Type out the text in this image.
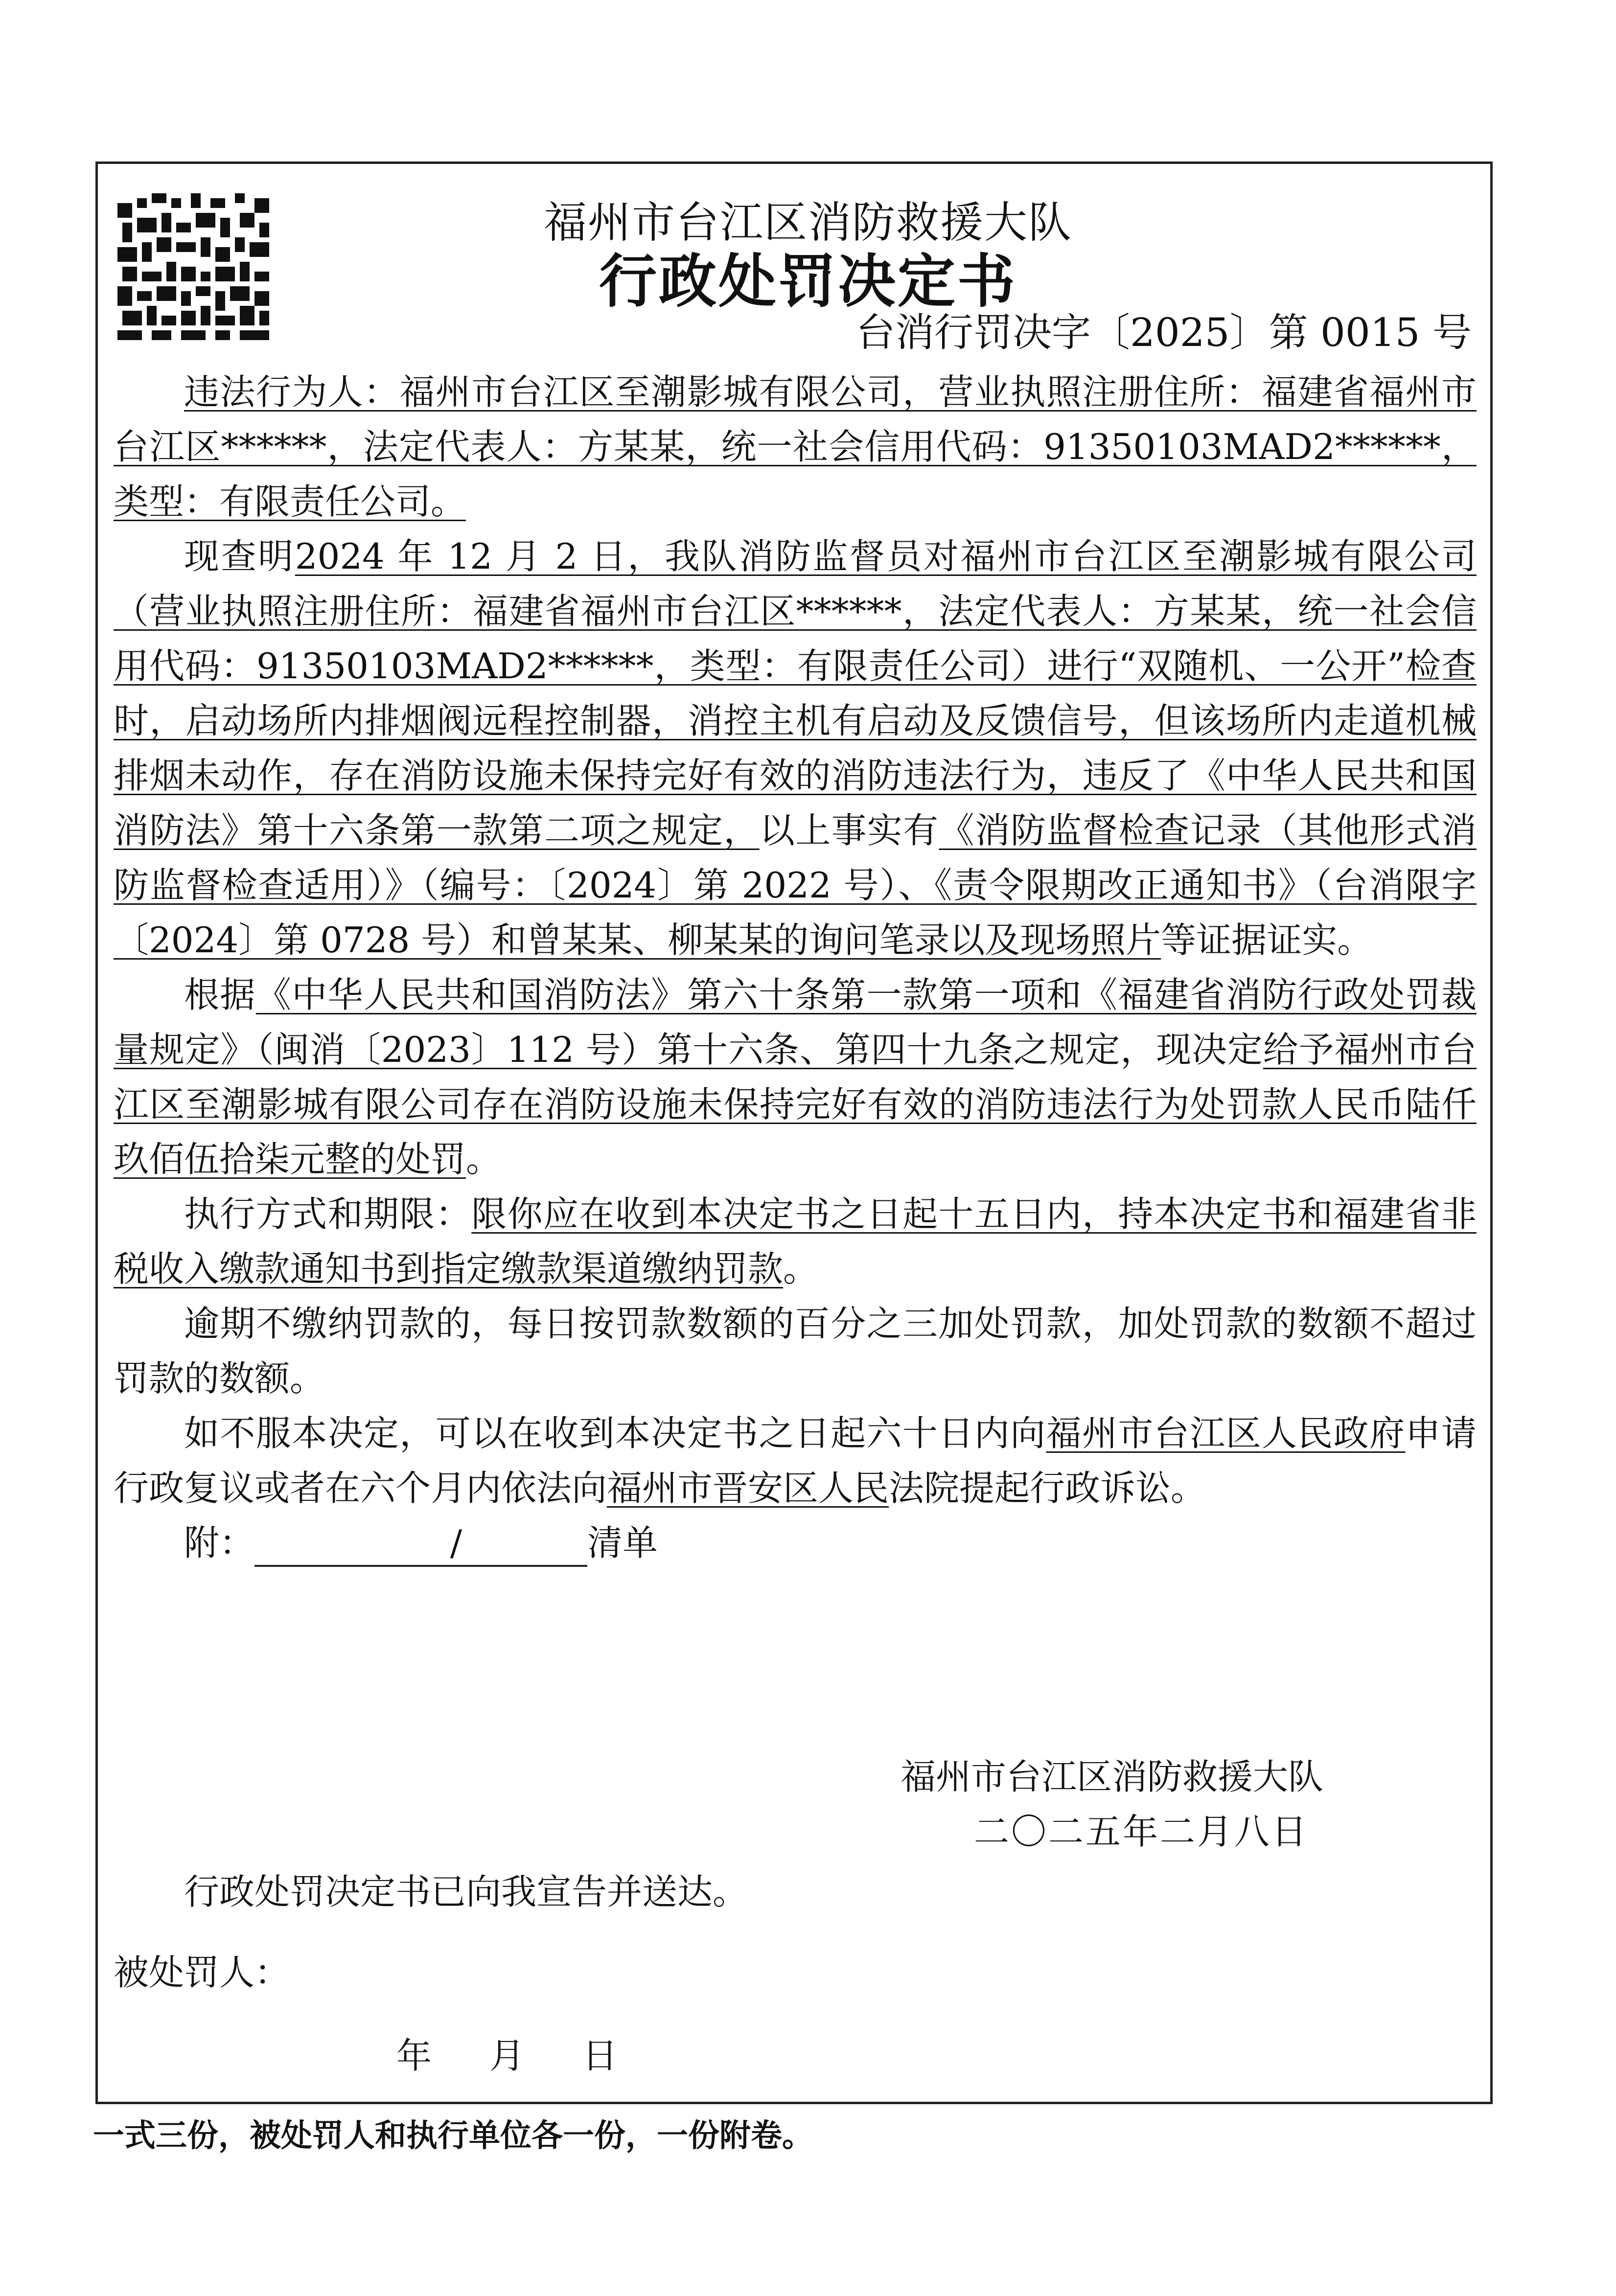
福州市台江区消防救援大队
行政处罚决定书
台消行罚决字〔2025〕第 0015 号

违法行为人：福州市台江区至潮影城有限公司，营业执照注册住所：福建省福州市台江区******，法定代表人：方某某，统一社会信用代码：91350103MAD2******，类型：有限责任公司。

现查明2024 年 12 月 2 日，我队消防监督员对福州市台江区至潮影城有限公司（营业执照注册住所：福建省福州市台江区******，法定代表人：方某某，统一社会信用代码：91350103MAD2******，类型：有限责任公司）进行“双随机、一公开”检查时，启动场所内排烟阀远程控制器，消控主机有启动及反馈信号，但该场所内走道机械排烟未动作，存在消防设施未保持完好有效的消防违法行为，违反了《中华人民共和国消防法》第十六条第一款第二项之规定，以上事实有《消防监督检查记录（其他形式消防监督检查适用）》（编号：〔2024〕第 2022 号）、《责令限期改正通知书》（台消限字〔2024〕第 0728 号）和曾某某、柳某某的询问笔录以及现场照片等证据证实。

根据《中华人民共和国消防法》第六十条第一款第一项和《福建省消防行政处罚裁量规定》（闽消〔2023〕112 号）第十六条、第四十九条之规定，现决定给予福州市台江区至潮影城有限公司存在消防设施未保持完好有效的消防违法行为处罚款人民币陆仟玖佰伍拾柒元整的处罚。

执行方式和期限：限你应在收到本决定书之日起十五日内，持本决定书和福建省非税收入缴款通知书到指定缴款渠道缴纳罚款。

逾期不缴纳罚款的，每日按罚款数额的百分之三加处罚款，加处罚款的数额不超过罚款的数额。

如不服本决定，可以在收到本决定书之日起六十日内向福州市台江区人民政府申请行政复议或者在六个月内依法向福州市晋安区人民法院提起行政诉讼。

附：	/	清单

福州市台江区消防救援大队
二〇二五年二月八日
行政处罚决定书已向我宣告并送达。
被处罚人：
年 月 日
一式三份，被处罚人和执行单位各一份，一份附卷。
